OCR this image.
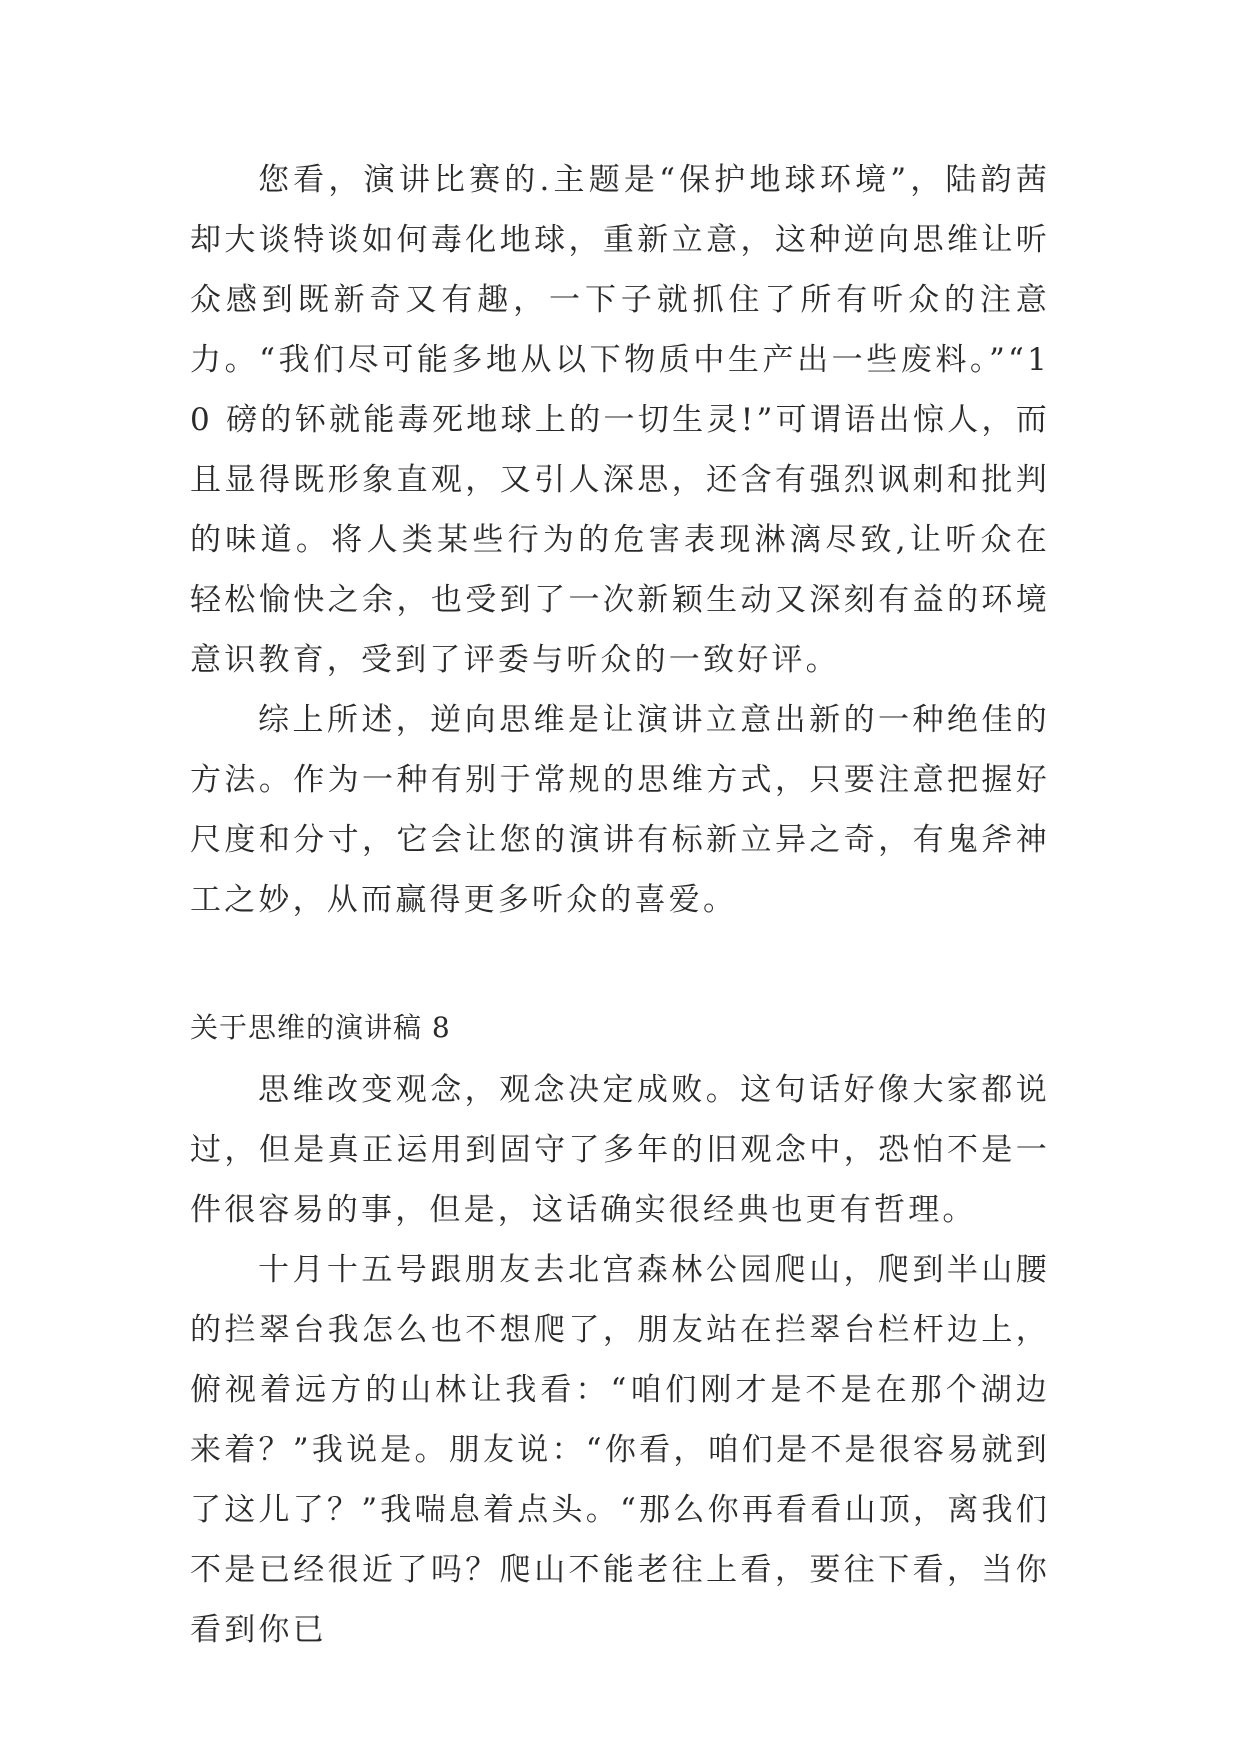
您看，演讲比赛的.主题是“保护地球环境”，陆韵茜却大谈特谈如何毒化地球，重新立意，这种逆向思维让听众感到既新奇又有趣，一下子就抓住了所有听众的注意力。“我们尽可能多地从以下物质中生产出一些废料。”“10 磅的钚就能毒死地球上的一切生灵!”可谓语出惊人，而且显得既形象直观，又引人深思，还含有强烈讽刺和批判的味道。将人类某些行为的危害表现淋漓尽致,让听众在轻松愉快之余，也受到了一次新颖生动又深刻有益的环境意识教育，受到了评委与听众的一致好评。

综上所述，逆向思维是让演讲立意出新的一种绝佳的方法。作为一种有别于常规的思维方式，只要注意把握好尺度和分寸，它会让您的演讲有标新立异之奇，有鬼斧神工之妙，从而赢得更多听众的喜爱。

关于思维的演讲稿 8

思维改变观念，观念决定成败。这句话好像大家都说过，但是真正运用到固守了多年的旧观念中，恐怕不是一件很容易的事，但是，这话确实很经典也更有哲理。

十月十五号跟朋友去北宫森林公园爬山，爬到半山腰的拦翠台我怎么也不想爬了，朋友站在拦翠台栏杆边上，俯视着远方的山林让我看：“咱们刚才是不是在那个湖边来着？”我说是。朋友说：“你看，咱们是不是很容易就到了这儿了？”我喘息着点头。“那么你再看看山顶，离我们不是已经很近了吗？爬山不能老往上看，要往下看，当你看到你已
